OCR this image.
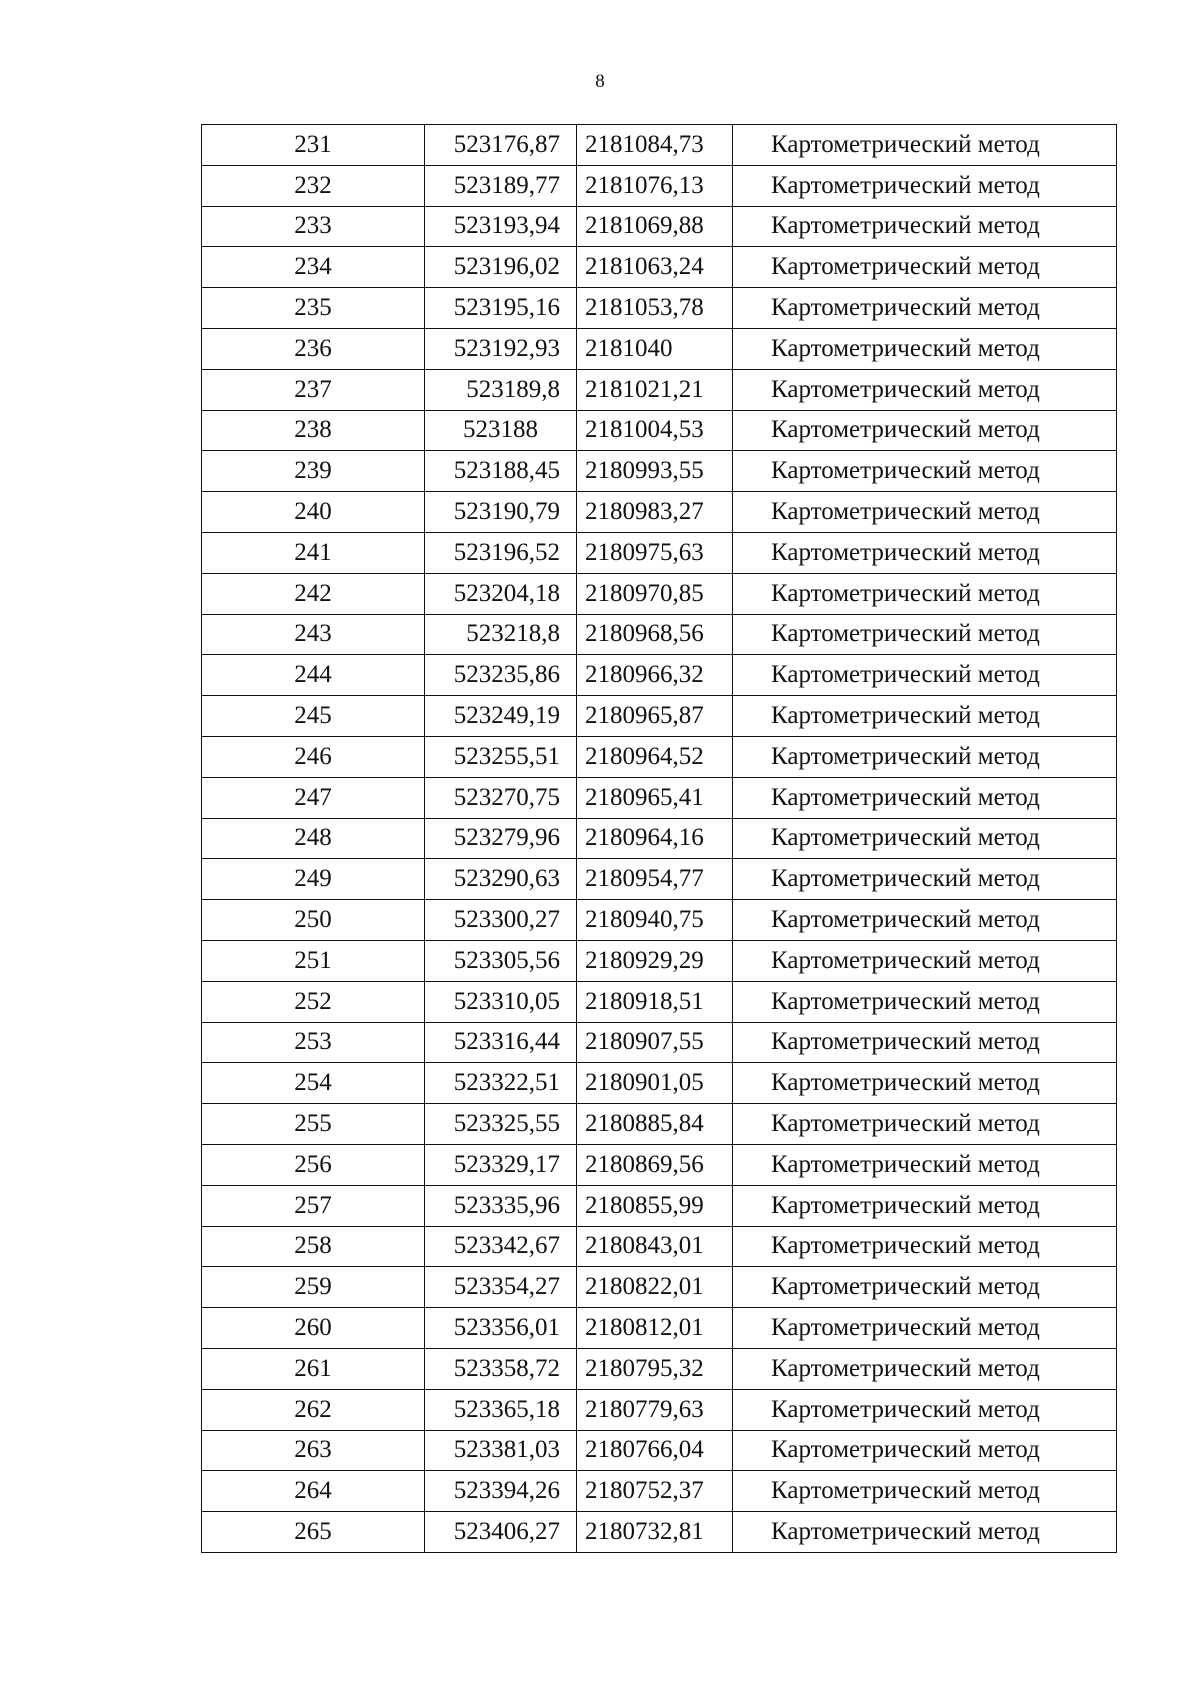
8
231	523176,87	2181084,73	Картометрический метод
232	523189,77	2181076,13	Картометрический метод
233	523193,94	2181069,88	Картометрический метод
234	523196,02	2181063,24	Картометрический метод
235	523195,16	2181053,78	Картометрический метод
236	523192,93	2181040	Картометрический метод
237	523189,8	2181021,21	Картометрический метод
238	523188	2181004,53	Картометрический метод
239	523188,45	2180993,55	Картометрический метод
240	523190,79	2180983,27	Картометрический метод
241	523196,52	2180975,63	Картометрический метод
242	523204,18	2180970,85	Картометрический метод
243	523218,8	2180968,56	Картометрический метод
244	523235,86	2180966,32	Картометрический метод
245	523249,19	2180965,87	Картометрический метод
246	523255,51	2180964,52	Картометрический метод
247	523270,75	2180965,41	Картометрический метод
248	523279,96	2180964,16	Картометрический метод
249	523290,63	2180954,77	Картометрический метод
250	523300,27	2180940,75	Картометрический метод
251	523305,56	2180929,29	Картометрический метод
252	523310,05	2180918,51	Картометрический метод
253	523316,44	2180907,55	Картометрический метод
254	523322,51	2180901,05	Картометрический метод
255	523325,55	2180885,84	Картометрический метод
256	523329,17	2180869,56	Картометрический метод
257	523335,96	2180855,99	Картометрический метод
258	523342,67	2180843,01	Картометрический метод
259	523354,27	2180822,01	Картометрический метод
260	523356,01	2180812,01	Картометрический метод
261	523358,72	2180795,32	Картометрический метод
262	523365,18	2180779,63	Картометрический метод
263	523381,03	2180766,04	Картометрический метод
264	523394,26	2180752,37	Картометрический метод
265	523406,27	2180732,81	Картометрический метод
